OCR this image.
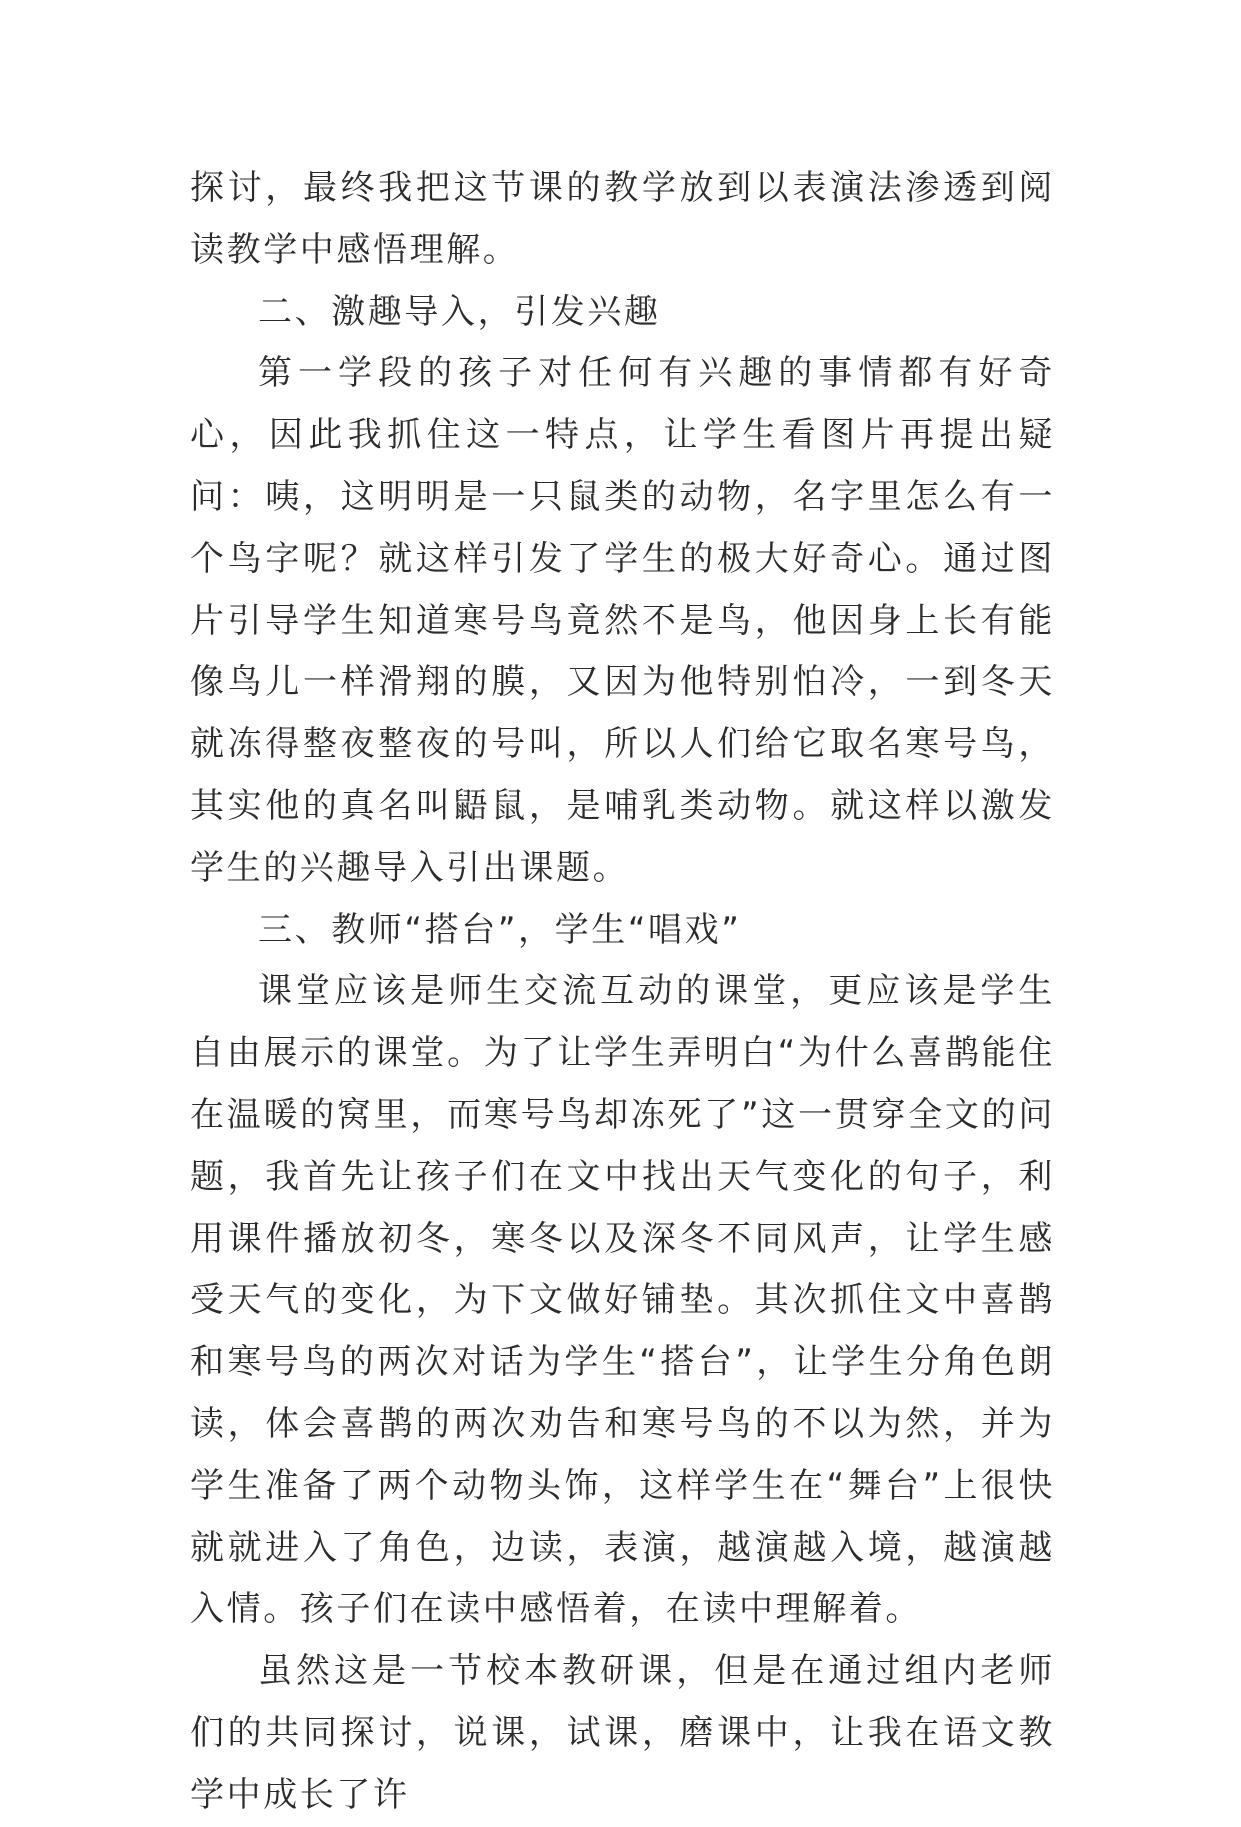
探讨，最终我把这节课的教学放到以表演法渗透到阅读教学中感悟理解。

二、激趣导入，引发兴趣

第一学段的孩子对任何有兴趣的事情都有好奇心，因此我抓住这一特点，让学生看图片再提出疑问：咦，这明明是一只鼠类的动物，名字里怎么有一个鸟字呢？就这样引发了学生的极大好奇心。通过图片引导学生知道寒号鸟竟然不是鸟，他因身上长有能像鸟儿一样滑翔的膜，又因为他特别怕冷，一到冬天就冻得整夜整夜的号叫，所以人们给它取名寒号鸟，其实他的真名叫鼯鼠，是哺乳类动物。就这样以激发学生的兴趣导入引出课题。

三、教师“搭台”，学生“唱戏”

课堂应该是师生交流互动的课堂，更应该是学生自由展示的课堂。为了让学生弄明白“为什么喜鹊能住在温暖的窝里，而寒号鸟却冻死了”这一贯穿全文的问题，我首先让孩子们在文中找出天气变化的句子，利用课件播放初冬，寒冬以及深冬不同风声，让学生感受天气的变化，为下文做好铺垫。其次抓住文中喜鹊和寒号鸟的两次对话为学生“搭台”，让学生分角色朗读，体会喜鹊的两次劝告和寒号鸟的不以为然，并为学生准备了两个动物头饰，这样学生在“舞台”上很快就就进入了角色，边读，表演，越演越入境，越演越入情。孩子们在读中感悟着，在读中理解着。

虽然这是一节校本教研课，但是在通过组内老师们的共同探讨，说课，试课，磨课中，让我在语文教学中成长了许
